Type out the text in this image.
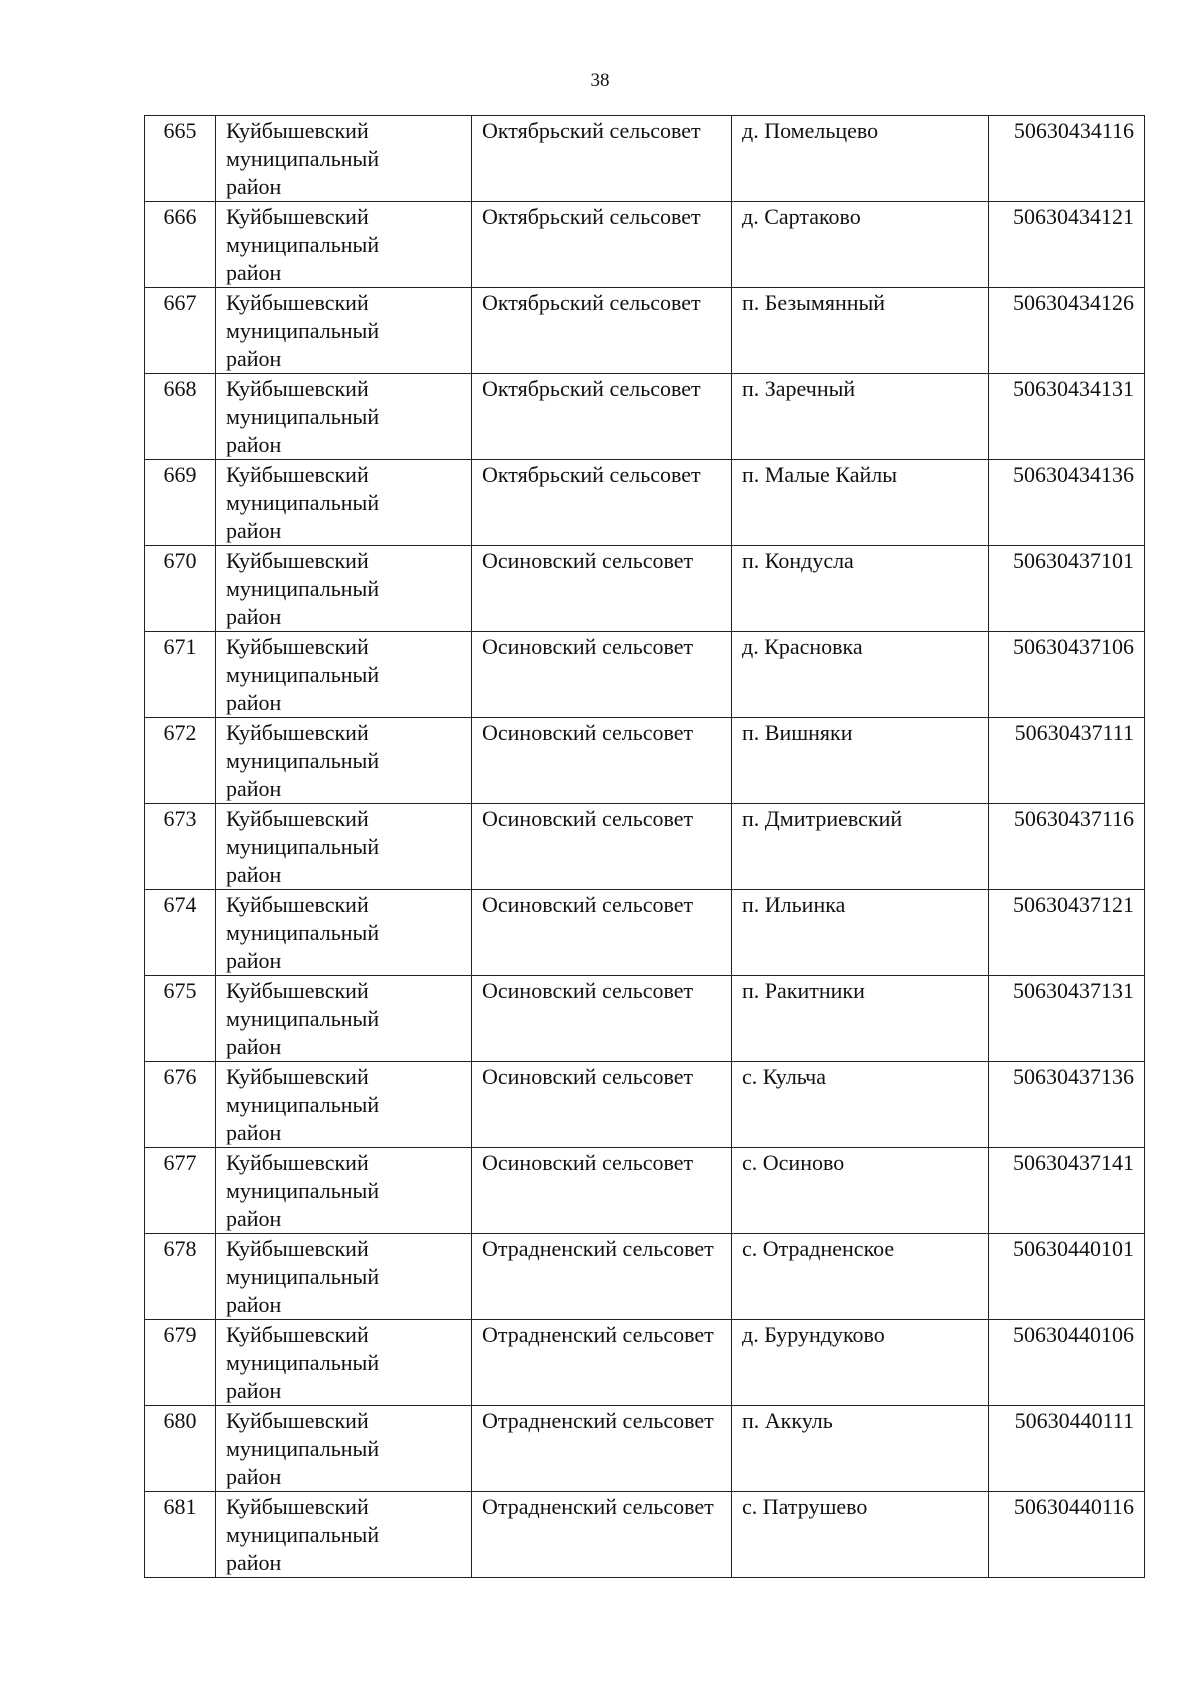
38
665	Куйбышевский
муниципальный
район	Октябрьский сельсовет	д. Помельцево	50630434116
666	Куйбышевский
муниципальный
район	Октябрьский сельсовет	д. Сартаково	50630434121
667	Куйбышевский
муниципальный
район	Октябрьский сельсовет	п. Безымянный	50630434126
668	Куйбышевский
муниципальный
район	Октябрьский сельсовет	п. Заречный	50630434131
669	Куйбышевский
муниципальный
район	Октябрьский сельсовет	п. Малые Кайлы	50630434136
670	Куйбышевский
муниципальный
район	Осиновский сельсовет	п. Кондусла	50630437101
671	Куйбышевский
муниципальный
район	Осиновский сельсовет	д. Красновка	50630437106
672	Куйбышевский
муниципальный
район	Осиновский сельсовет	п. Вишняки	50630437111
673	Куйбышевский
муниципальный
район	Осиновский сельсовет	п. Дмитриевский	50630437116
674	Куйбышевский
муниципальный
район	Осиновский сельсовет	п. Ильинка	50630437121
675	Куйбышевский
муниципальный
район	Осиновский сельсовет	п. Ракитники	50630437131
676	Куйбышевский
муниципальный
район	Осиновский сельсовет	с. Кульча	50630437136
677	Куйбышевский
муниципальный
район	Осиновский сельсовет	с. Осиново	50630437141
678	Куйбышевский
муниципальный
район	Отрадненский сельсовет	с. Отрадненское	50630440101
679	Куйбышевский
муниципальный
район	Отрадненский сельсовет	д. Бурундуково	50630440106
680	Куйбышевский
муниципальный
район	Отрадненский сельсовет	п. Аккуль	50630440111
681	Куйбышевский
муниципальный
район	Отрадненский сельсовет	с. Патрушево	50630440116
